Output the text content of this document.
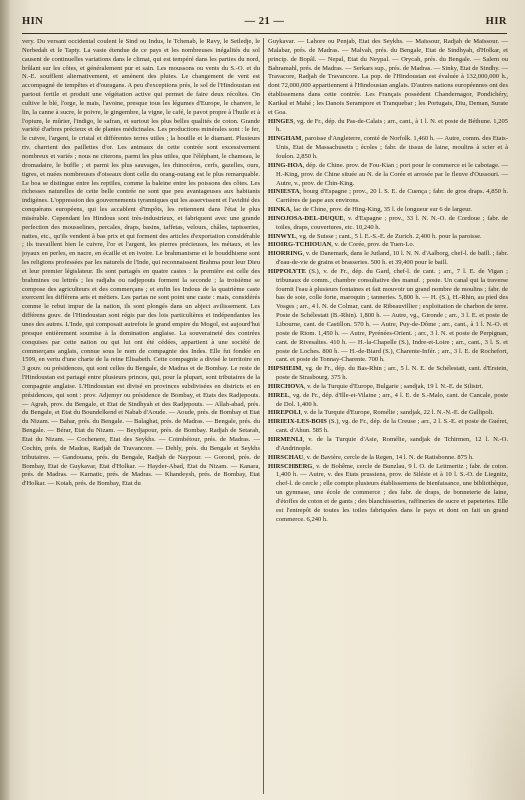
HIN	— 21 —	HIR

very. Du versant occidental coulent le Sind ou Indus, le Tchenab, le Ravy, le Setledje, le Nerbedah et le Tapty. La vaste étendue de ce pays et les nombreuses inégalités du sol causent de continuelles variations dans le climat, qui est tempéré dans les parties du nord, brûlant sur les côtes, et généralement pur et sain. Les moussons ou vents du S.-O. et du N.-E. soufflent alternativement, et amènent des pluies. Le changement de vent est accompagné de tempêtes et d'ouragans. A peu d'exceptions près, le sol de l'Hindoustan est partout fertile et produit une végétation active qui permet de faire deux récoltes. On cultive le blé, l'orge, le maïs, l'avoine, presque tous les légumes d'Europe, le chanvre, le lin, la canne à sucre, le poivre, le gingembre, la vigne, le café, le pavot propre à l'huile et à l'opium, le mûrier, l'indigo, le safran, et surtout les plus belles qualités de coton. Grande variété d'arbres précieux et de plantes médicinales. Les productions minérales sont : le fer, le cuivre, l'argent, le cristal et différentes terres utiles ; la houille et le diamant. Plusieurs riv. charrient des paillettes d'or. Les animaux de cette contrée sont excessivement nombreux et variés ; nous ne citerons, parmi les plus utiles, que l'éléphant, le chameau, le dromadaire, le buffle ; et parmi les plus sauvages, les rhinocéros, cerfs, gazelles, ours, tigres, et nuées nombreuses d'oiseaux dont celle du orang-outang est le plus remarquable. Le boa se distingue entre les reptiles, comme la baleine entre les poissons des côtes. Les richesses naturelles de cette belle contrée ne sont que peu avantageuses aux habitants indigènes. L'oppression des gouvernements tyranniques qui les asservissent et l'avidité des conquérans européens, qui les accablent d'impôts, les retiennent dans l'état le plus misérable. Cependant les Hindous sont très-industrieux, et fabriquent avec une grande perfection des mousselines, percales, draps, basins, taffetas, velours, châles, tapisseries, nattes, etc., qu'ils vendent à bas prix et qui forment des articles d'exportation considérable ; ils travaillent bien le cuivre, l'or et l'argent, les pierres précieuses, les métaux, et les joyaux en perles, en nacre, en écaille et en ivoire. Le brahmanisme et le bouddhisme sont les religions professées par les naturels de l'Inde, qui reconnaissent Brahma pour leur Dieu et leur premier législateur. Ils sont partagés en quatre castes : la première est celle des brahmines ou lettrés ; les radjahs ou radjepouts forment la seconde ; la troisième se compose des agriculteurs et des commerçans ; et enfin les Indous de la quatrième caste exercent les différens arts et métiers. Les parias ne sont point une caste : mais, considérés comme le rebut impur de la nation, ils sont plongés dans un abject avilissement. Les différens gouv. de l'Hindoustan sont régis par des lois particulières et indépendantes les unes des autres. L'Inde, qui composait autrefois le grand empire du Mogol, est aujourd'hui presque entièrement soumise à la domination anglaise. La souveraineté des contrées conquises par cette nation ou qui lui ont été cédées, appartient à une société de commerçans anglais, connue sous le nom de compagnie des Indes. Elle fut fondée en 1599, en vertu d'une charte de la reine Elisabeth. Cette compagnie a divisé le territoire en 3 gouv. ou présidences, qui sont celles du Bengale, de Madras et de Bombay. Le reste de l'Hindoustan est partagé entre plusieurs princes, qui, pour la plupart, sont tributaires de la compagnie anglaise. L'Hindoustan est divisé en provinces subdivisées en districts et en présidences, qui sont : prov. Adjemyr ou présidence de Bombay, et Etats des Radjepouts. — Agrah, prov. du Bengale, et Etat de Sindhyah et des Radjepouts. — Allah-abad, prés. du Bengale, et Etat du Boundelkend et Nabab d'Aoude. — Aoude, prés. de Bombay et Etat du Nizam. — Bahar, prés. du Bengale. — Balaghat, prés. de Madras. — Bengale, prés. du Bengale. — Bérar, Etat du Nizam. — Beydjapour, prés. de Bombay. Radjah de Setarah, Etat du Nizam. — Cochenere, Etat des Seykhs. — Coimbétour, prés. de Madras. — Cochin, prés. de Madras, Radjah de Travancore. — Dehly, prés. du Bengale et Seykhs tributaires. — Gandouana, prés. du Bengale, Radjah de Naypour. — Gorond, prés. de Bombay, Etat de Guykavar, Etat d'Holkar. — Hayder-Abad, Etat du Nizam. — Kanara, prés. de Madras. — Karnatic, prés. de Madras. — Khandeysh, prés. de Bombay, Etat d'Holkar. — Kotah, prés. de Bombay, Etat du

Guykavar. — Lahore ou Penjab, Etat des Seykhs. — Maïssour, Radjah de Maïssour. — Malabar, prés. de Madras. — Malvah, prés. du Bengale, Etat de Sindhyah, d'Holkar, et princip. de Bopâl. — Nepal, Etat du Neypal. — Orycah, prés. du Bengale. — Salem ou Bahramahl, prés. de Madras. — Serkars sup., prés. de Madras. — Sinky, Etat de Sindhy. — Travacore, Radjah de Travancore. La pop. de l'Hindoustan est évaluée à 132,000,000 h., dont 72,000,000 appartiennent à l'Hindoustan anglais. D'autres nations européennes ont des établissemens dans cette contrée. Les Français possèdent Chandernagor, Pondichéry, Karikal et Mahé ; les Danois Serampore et Tranquebar ; les Portugais, Diu, Deman, Surate et Goa.

HINGES, vg. de Fr., dép. du Pas-de-Calais ; arr., cant., à 1 l. N. et poste de Béthune. 1,205 h.

HINGHAM, paroisse d'Angleterre, comté de Norfolk. 1,460 h. — Autre, comm. des Etats-Unis, Etat de Massachusetts ; écoles ; fabr. de tissus de laine, moulins à scier et à foulon. 2,850 h.

HING-HOA, dép. de Chine. prov. de Fou-Kian ; port pour le commerce et le cabotage. — H.-King, prov. de Chine située au N. de la Corée et arrosée par le fleuve d'Oussouri. — Autre, v., prov. de Chin-King.

HINIESTA, bourg d'Espagne ; prov., 20 l. S. E. de Cuença ; fabr. de gros draps. 4,850 h. Carrières de jaspe aux environs.

HINKA, lac de Chine, prov. de Hing-King, 35 l. de longueur sur 6 de largeur.

HINOJOSA-DEL-DUQUE, v. d'Espagne ; prov., 33 l. N. N.-O. de Cordoue ; fabr. de toiles, draps, couvertures, etc. 10,240 h.

HINWYL, vg. de Suisse ; cant., 5 l. E.-S.-E. de Zurich. 2,400 h. pour la paroisse.

HIOIRG-TCHIOUAN, v. de Corée, prov. de Tuen-Lo.

HIORRING, v. de Danemark, dans le Jutland, 10 l. N. N. d'Aalborg, chef-l. de baill. ; fabr. d'eau-de-vie de grains et brasseries. 500 h. et 39,400 pour le baill.

HIPPOLYTE (S.), v. de Fr., dép. du Gard, chef-l. de cant. ; arr., 7 l. E. de Vigan ; tribunaux de comm., chambre consultative des manuf. ; poste. Un canal qui la traverse fournit l'eau à plusieurs fontaines et fait mouvoir un grand nombre de moulins ; fabr. de bas de soie, colle forte, maroquin ; tanneries. 5,800 h. — H. (S.), H.-Rhin, au pied des Vosges ; arr., 4 l. N. de Colmar, cant. de Ribeauvillier ; exploitation de charbon de terre. Poste de Schélestatt (B.-Rhin). 1,800 h. — Autre, vg., Gironde ; arr., 3 l. E. et poste de Libourne, cant. de Castillon. 570 h. — Autre, Puy-de-Dôme ; arr., cant., à 1 l. N.-O. et poste de Riom. 1,450 h. — Autre, Pyrénées-Orient. ; arr., 3 l. N. et poste de Perpignan, cant. de Rivesaltes. 410 h. — H.-la-Chapelle (S.), Indre-et-Loire ; arr., cant., 3 l. S. et poste de Loches. 800 h. — H.-de-Biard (S.), Charente-Infér. ; arr., 3 l. E. de Rochefort, cant. et poste de Tonnay-Charente. 700 h.

HIPSHEIM, vg. de Fr., dép. du Bas-Rhin ; arr., 5 l. N. E. de Schélestatt, cant. d'Erstein, poste de Strasbourg. 375 h.

HIRCHOVA, v. de la Turquie d'Europe, Bulgarie ; sandjak, 19 l. N.-E. de Silistri.

HIREL, vg. de Fr., dép. d'Ille-et-Vilaine ; arr., 4 l. E. de S.-Malo, cant. de Cancale, poste de Dol. 1,400 h.

HIREPOLI, v. de la Turquie d'Europe, Romélie ; sandjak, 22 l. N.-N.-E. de Gallipoli.

HIRIEIX-LES-BOIS (S.), vg. de Fr., dép. de la Creuse ; arr., 2 l. S.-E. et poste de Guéret, cant. d'Ahun. 585 h.

HIRMENLI, v. de la Turquie d'Asie, Romélie, sandjak de Tchirmen, 12 l. N.-O. d'Andrinople.

HIRSCHAU, v. de Bavière, cercle de la Regen, 14 l. N. de Ratisbonne. 875 h.

HIRSCHBERG, v. de Bohême, cercle de Bunzlau, 9 l. O. de Leitmeritz ; fabr. de coton. 1,400 h. — Autre, v. des Etats prussiens, prov. de Silésie et à 10 l. S.-O. de Liegnitz, chef-l. de cercle ; elle compte plusieurs établissemens de bienfaisance, une bibliothèque, un gymnase, une école de commerce ; des fabr. de draps, de bonneterie de laine, d'étoffes de coton et de gants ; des blanchisseries, raffineries de sucre et papeteries. Elle est l'entrepôt de toutes les toiles fabriquées dans le pays et dont on fait un grand commerce. 6,240 h.
